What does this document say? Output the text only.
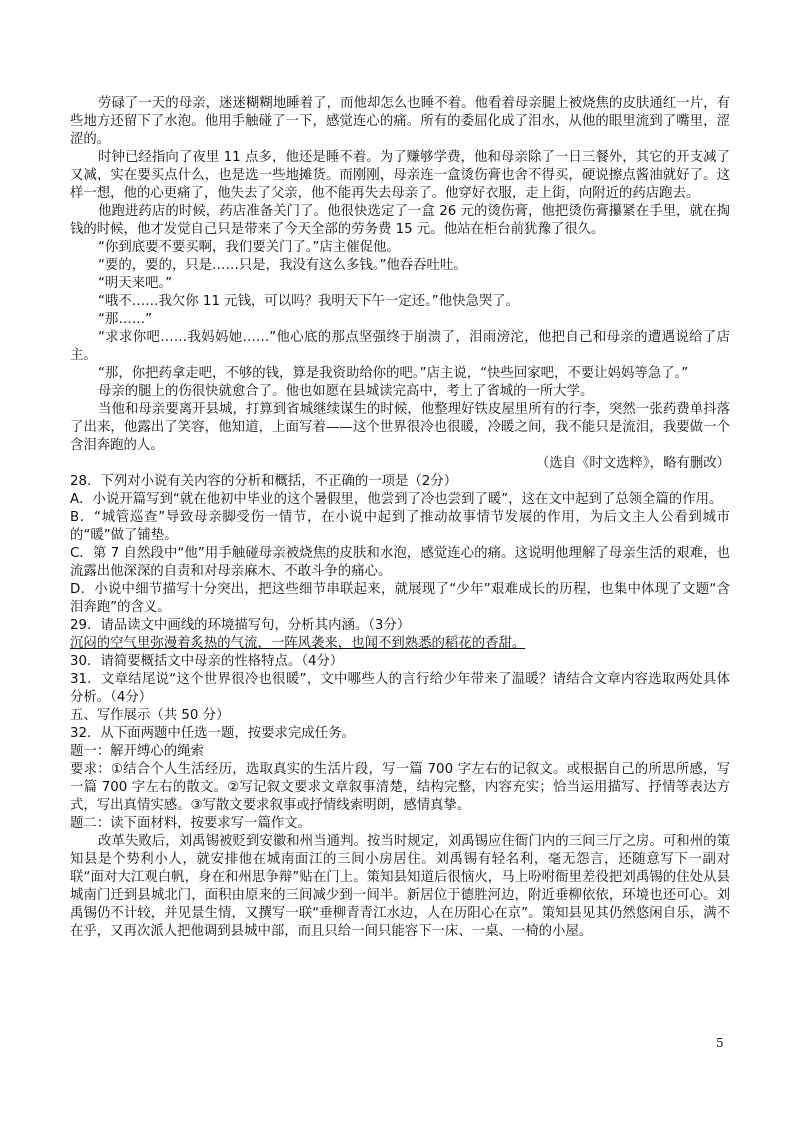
劳碌了一天的母亲，迷迷糊糊地睡着了，而他却怎么也睡不着。他看着母亲腿上被烧焦的皮肤通红一片，有些地方还留下了水泡。他用手触碰了一下，感觉连心的痛。所有的委屈化成了泪水，从他的眼里流到了嘴里，涩涩的。

时钟已经指向了夜里 11 点多，他还是睡不着。为了赚够学费，他和母亲除了一日三餐外，其它的开支减了又减，实在要买点什么，也是选一些地摊货。而刚刚，母亲连一盒烫伤膏也舍不得买，硬说擦点酱油就好了。这样一想，他的心更痛了，他失去了父亲，他不能再失去母亲了。他穿好衣服，走上街，向附近的药店跑去。

他跑进药店的时候，药店准备关门了。他很快选定了一盒 26 元的烫伤膏，他把烫伤膏攥紧在手里，就在掏钱的时候，他才发觉自己只是带来了今天全部的劳务费 15 元。他站在柜台前犹豫了很久。

“你到底要不要买啊，我们要关门了。”店主催促他。

“要的，要的，只是……只是，我没有这么多钱。”他吞吞吐吐。

“明天来吧。”

“哦不……我欠你 11 元钱，可以吗？我明天下午一定还。”他快急哭了。

“那……”

“求求你吧……我妈妈她……”他心底的那点坚强终于崩溃了，泪雨滂沱，他把自己和母亲的遭遇说给了店主。

“那，你把药拿走吧，不够的钱，算是我资助给你的吧。”店主说，“快些回家吧，不要让妈妈等急了。”

母亲的腿上的伤很快就愈合了。他也如愿在县城读完高中，考上了省城的一所大学。

当他和母亲要离开县城，打算到省城继续谋生的时候，他整理好铁皮屋里所有的行李，突然一张药费单抖落了出来，他露出了笑容，他知道，上面写着——这个世界很冷也很暖，冷暖之间，我不能只是流泪，我要做一个含泪奔跑的人。

（选自《时文选粹》，略有删改）

28．下列对小说有关内容的分析和概括，不正确的一项是（2分）

A．小说开篇写到“就在他初中毕业的这个暑假里，他尝到了冷也尝到了暖”，这在文中起到了总领全篇的作用。

B．“城管巡查”导致母亲脚受伤一情节，在小说中起到了推动故事情节发展的作用，为后文主人公看到城市的“暖”做了铺垫。

C．第 7 自然段中“他”用手触碰母亲被烧焦的皮肤和水泡，感觉连心的痛。这说明他理解了母亲生活的艰难，也流露出他深深的自责和对母亲麻木、不敢斗争的痛心。

D．小说中细节描写十分突出，把这些细节串联起来，就展现了“少年”艰难成长的历程，也集中体现了文题“含泪奔跑”的含义。

29．请品读文中画线的环境描写句，分析其内涵。（3分）

沉闷的空气里弥漫着炙热的气流，一阵风袭来，也闻不到熟悉的稻花的香甜。

30．请简要概括文中母亲的性格特点。（4分）

31．文章结尾说“这个世界很冷也很暖”，文中哪些人的言行给少年带来了温暖？请结合文章内容选取两处具体分析。（4分）

五、写作展示（共 50 分）

32．从下面两题中任选一题，按要求完成任务。

题一：解开缚心的绳索

要求：①结合个人生活经历，选取真实的生活片段，写一篇 700 字左右的记叙文。或根据自己的所思所感，写一篇 700 字左右的散文。②写记叙文要求文章叙事清楚，结构完整，内容充实；恰当运用描写、抒情等表达方式，写出真情实感。③写散文要求叙事或抒情线索明朗，感情真挚。

题二：读下面材料，按要求写一篇作文。

改革失败后，刘禹锡被贬到安徽和州当通判。按当时规定，刘禹锡应住衙门内的三间三厅之房。可和州的策知县是个势利小人，就安排他在城南面江的三间小房居住。刘禹锡有轻名利，毫无怨言，还随意写下一副对联“面对大江观白帆，身在和州思争辩”贴在门上。策知县知道后很恼火，马上吩咐衙里差役把刘禹锡的住处从县城南门迁到县城北门，面积由原来的三间减少到一间半。新居位于德胜河边，附近垂柳依依，环境也还可心。刘禹锡仍不计较，并见景生情，又撰写一联“垂柳青青江水边，人在历阳心在京”。策知县见其仍然悠闲自乐，满不在乎，又再次派人把他调到县城中部，而且只给一间只能容下一床、一桌、一椅的小屋。

5
